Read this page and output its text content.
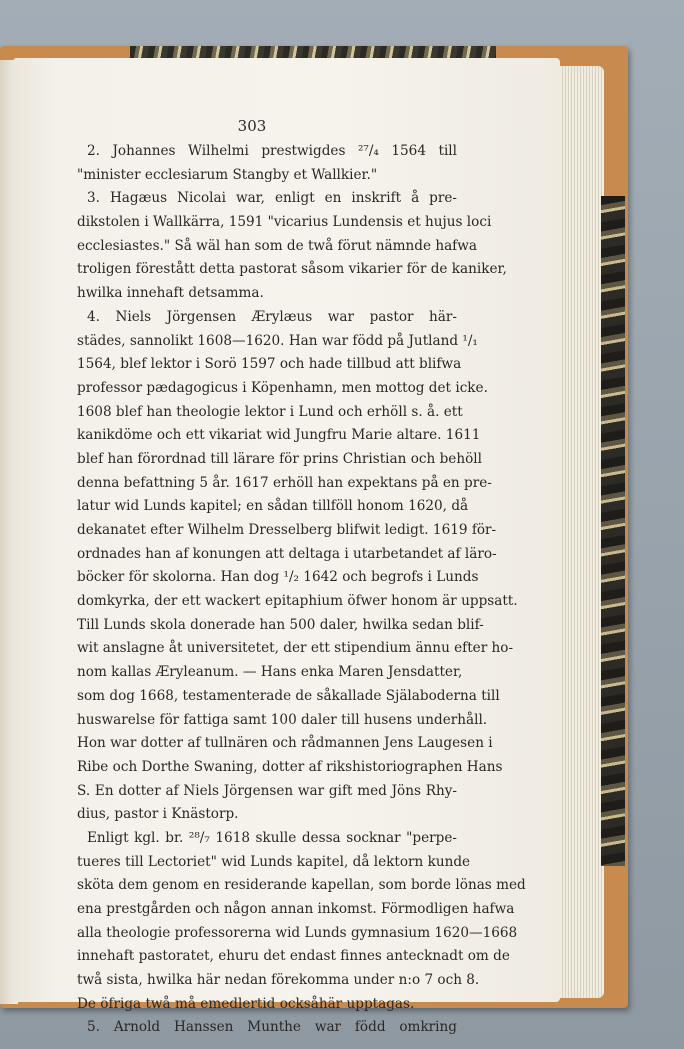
303
2. Johannes Wilhelmi prestwigdes ²⁷/₄ 1564 till
"minister ecclesiarum Stangby et Wallkier."
3. Hagæus Nicolai war, enligt en inskrift å pre-
dikstolen i Wallkärra, 1591 "vicarius Lundensis et hujus loci
ecclesiastes." Så wäl han som de twå förut nämnde hafwa
troligen förestått detta pastorat såsom vikarier för de kaniker,
hwilka innehaft detsamma.
4. Niels Jörgensen Ærylæus war pastor här-
städes, sannolikt 1608—1620. Han war född på Jutland ¹/₁
1564, blef lektor i Sorö 1597 och hade tillbud att blifwa
professor pædagogicus i Köpenhamn, men mottog det icke.
1608 blef han theologie lektor i Lund och erhöll s. å. ett
kanikdöme och ett vikariat wid Jungfru Marie altare. 1611
blef han förordnad till lärare för prins Christian och behöll
denna befattning 5 år. 1617 erhöll han expektans på en pre-
latur wid Lunds kapitel; en sådan tillföll honom 1620, då
dekanatet efter Wilhelm Dresselberg blifwit ledigt. 1619 för-
ordnades han af konungen att deltaga i utarbetandet af läro-
böcker för skolorna. Han dog ¹/₂ 1642 och begrofs i Lunds
domkyrka, der ett wackert epitaphium öfwer honom är uppsatt.
Till Lunds skola donerade han 500 daler, hwilka sedan blif-
wit anslagne åt universitetet, der ett stipendium ännu efter ho-
nom kallas Æryleanum. — Hans enka Maren Jensdatter,
som dog 1668, testamenterade de såkallade Själaboderna till
huswarelse för fattiga samt 100 daler till husens underhåll.
Hon war dotter af tullnären och rådmannen Jens Laugesen i
Ribe och Dorthe Swaning, dotter af rikshistoriographen Hans
S. En dotter af Niels Jörgensen war gift med Jöns Rhy-
dius, pastor i Knästorp.
Enligt kgl. br. ²⁸/₇ 1618 skulle dessa socknar "perpe-
tueres till Lectoriet" wid Lunds kapitel, då lektorn kunde
sköta dem genom en residerande kapellan, som borde lönas med
ena prestgården och någon annan inkomst. Förmodligen hafwa
alla theologie professorerna wid Lunds gymnasium 1620—1668
innehaft pastoratet, ehuru det endast finnes antecknadt om de
twå sista, hwilka här nedan förekomma under n:o 7 och 8.
De öfriga twå må emedlertid ocksåhär upptagas.
5. Arnold Hanssen Munthe war född omkring
